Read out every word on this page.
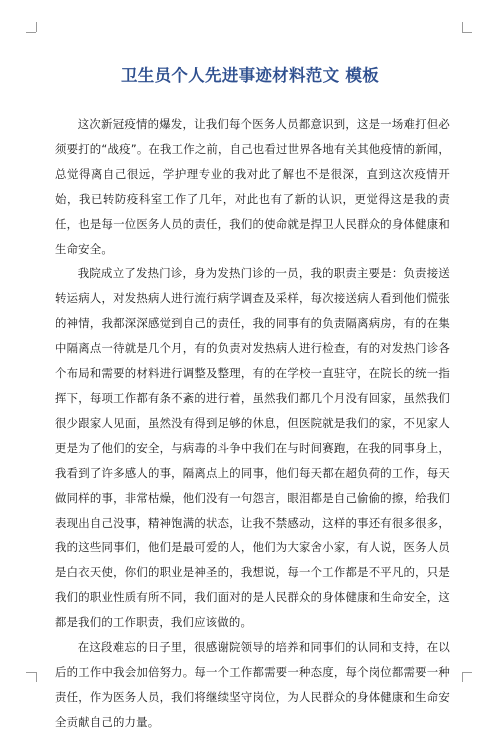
卫生员个人先进事迹材料范文 模板

这次新冠疫情的爆发，让我们每个医务人员都意识到，这是一场难打但必须要打的“战疫”。在我工作之前，自己也看过世界各地有关其他疫情的新闻，总觉得离自己很远，学护理专业的我对此了解也不是很深，直到这次疫情开始，我已转防疫科室工作了几年，对此也有了新的认识，更觉得这是我的责任，也是每一位医务人员的责任，我们的使命就是捍卫人民群众的身体健康和生命安全。

我院成立了发热门诊，身为发热门诊的一员，我的职责主要是：负责接送转运病人，对发热病人进行流行病学调查及采样，每次接送病人看到他们慌张的神情，我都深深感觉到自己的责任，我的同事有的负责隔离病房，有的在集中隔离点一待就是几个月，有的负责对发热病人进行检查，有的对发热门诊各个布局和需要的材料进行调整及整理，有的在学校一直驻守，在院长的统一指挥下，每项工作都有条不紊的进行着，虽然我们都几个月没有回家，虽然我们很少跟家人见面，虽然没有得到足够的休息，但医院就是我们的家，不见家人更是为了他们的安全，与病毒的斗争中我们在与时间赛跑，在我的同事身上，我看到了许多感人的事，隔离点上的同事，他们每天都在超负荷的工作，每天做同样的事，非常枯燥，他们没有一句怨言，眼泪都是自己偷偷的擦，给我们表现出自己没事，精神饱满的状态，让我不禁感动，这样的事还有很多很多，我的这些同事们，他们是最可爱的人，他们为大家舍小家，有人说，医务人员是白衣天使，你们的职业是神圣的，我想说，每一个工作都是不平凡的，只是我们的职业性质有所不同，我们面对的是人民群众的身体健康和生命安全，这都是我们的工作职责，我们应该做的。

在这段难忘的日子里，很感谢院领导的培养和同事们的认同和支持，在以后的工作中我会加倍努力。每一个工作都需要一种态度，每个岗位都需要一种责任，作为医务人员，我们将继续坚守岗位，为人民群众的身体健康和生命安全贡献自己的力量。
